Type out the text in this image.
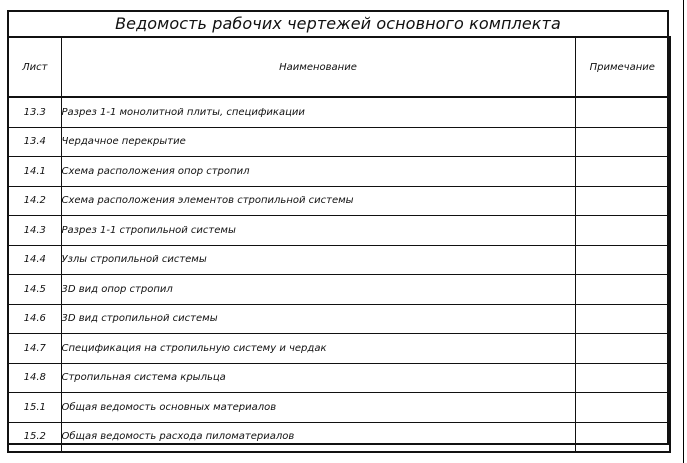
Ведомость рабочих чертежей основного комплекта
Лист	Наименование	Примечание
13.3	Разрез 1-1 монолитной плиты, спецификации	
13.4	Чердачное перекрытие	
14.1	Схема расположения опор стропил	
14.2	Схема расположения элементов стропильной системы	
14.3	Разрез 1-1 стропильной системы	
14.4	Узлы стропильной системы	
14.5	3D вид опор стропил	
14.6	3D вид стропильной системы	
14.7	Спецификация на стропильную систему и чердак	
14.8	Стропильная система крыльца	
15.1	Общая ведомость основных материалов	
15.2	Общая ведомость расхода пиломатериалов	
